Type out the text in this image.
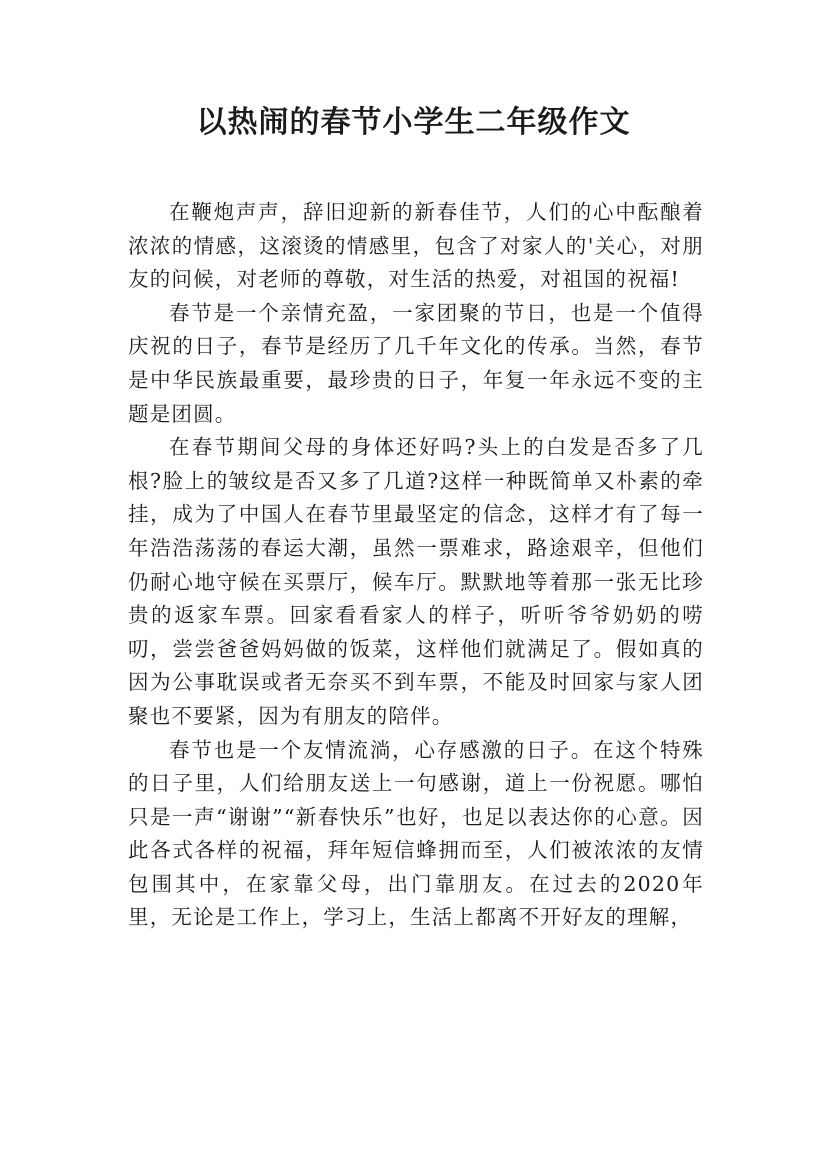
以热闹的春节小学生二年级作文

在鞭炮声声，辞旧迎新的新春佳节，人们的心中酝酿着浓浓的情感，这滚烫的情感里，包含了对家人的'关心，对朋友的问候，对老师的尊敬，对生活的热爱，对祖国的祝福!

春节是一个亲情充盈，一家团聚的节日，也是一个值得庆祝的日子，春节是经历了几千年文化的传承。当然，春节是中华民族最重要，最珍贵的日子，年复一年永远不变的主题是团圆。

在春节期间父母的身体还好吗?头上的白发是否多了几根?脸上的皱纹是否又多了几道?这样一种既简单又朴素的牵挂，成为了中国人在春节里最坚定的信念，这样才有了每一年浩浩荡荡的春运大潮，虽然一票难求，路途艰辛，但他们仍耐心地守候在买票厅，候车厅。默默地等着那一张无比珍贵的返家车票。回家看看家人的样子，听听爷爷奶奶的唠叨，尝尝爸爸妈妈做的饭菜，这样他们就满足了。假如真的因为公事耽误或者无奈买不到车票，不能及时回家与家人团聚也不要紧，因为有朋友的陪伴。

春节也是一个友情流淌，心存感激的日子。在这个特殊的日子里，人们给朋友送上一句感谢，道上一份祝愿。哪怕只是一声“谢谢”“新春快乐”也好，也足以表达你的心意。因此各式各样的祝福，拜年短信蜂拥而至，人们被浓浓的友情包围其中，在家靠父母，出门靠朋友。在过去的2020年里，无论是工作上，学习上，生活上都离不开好友的理解，
